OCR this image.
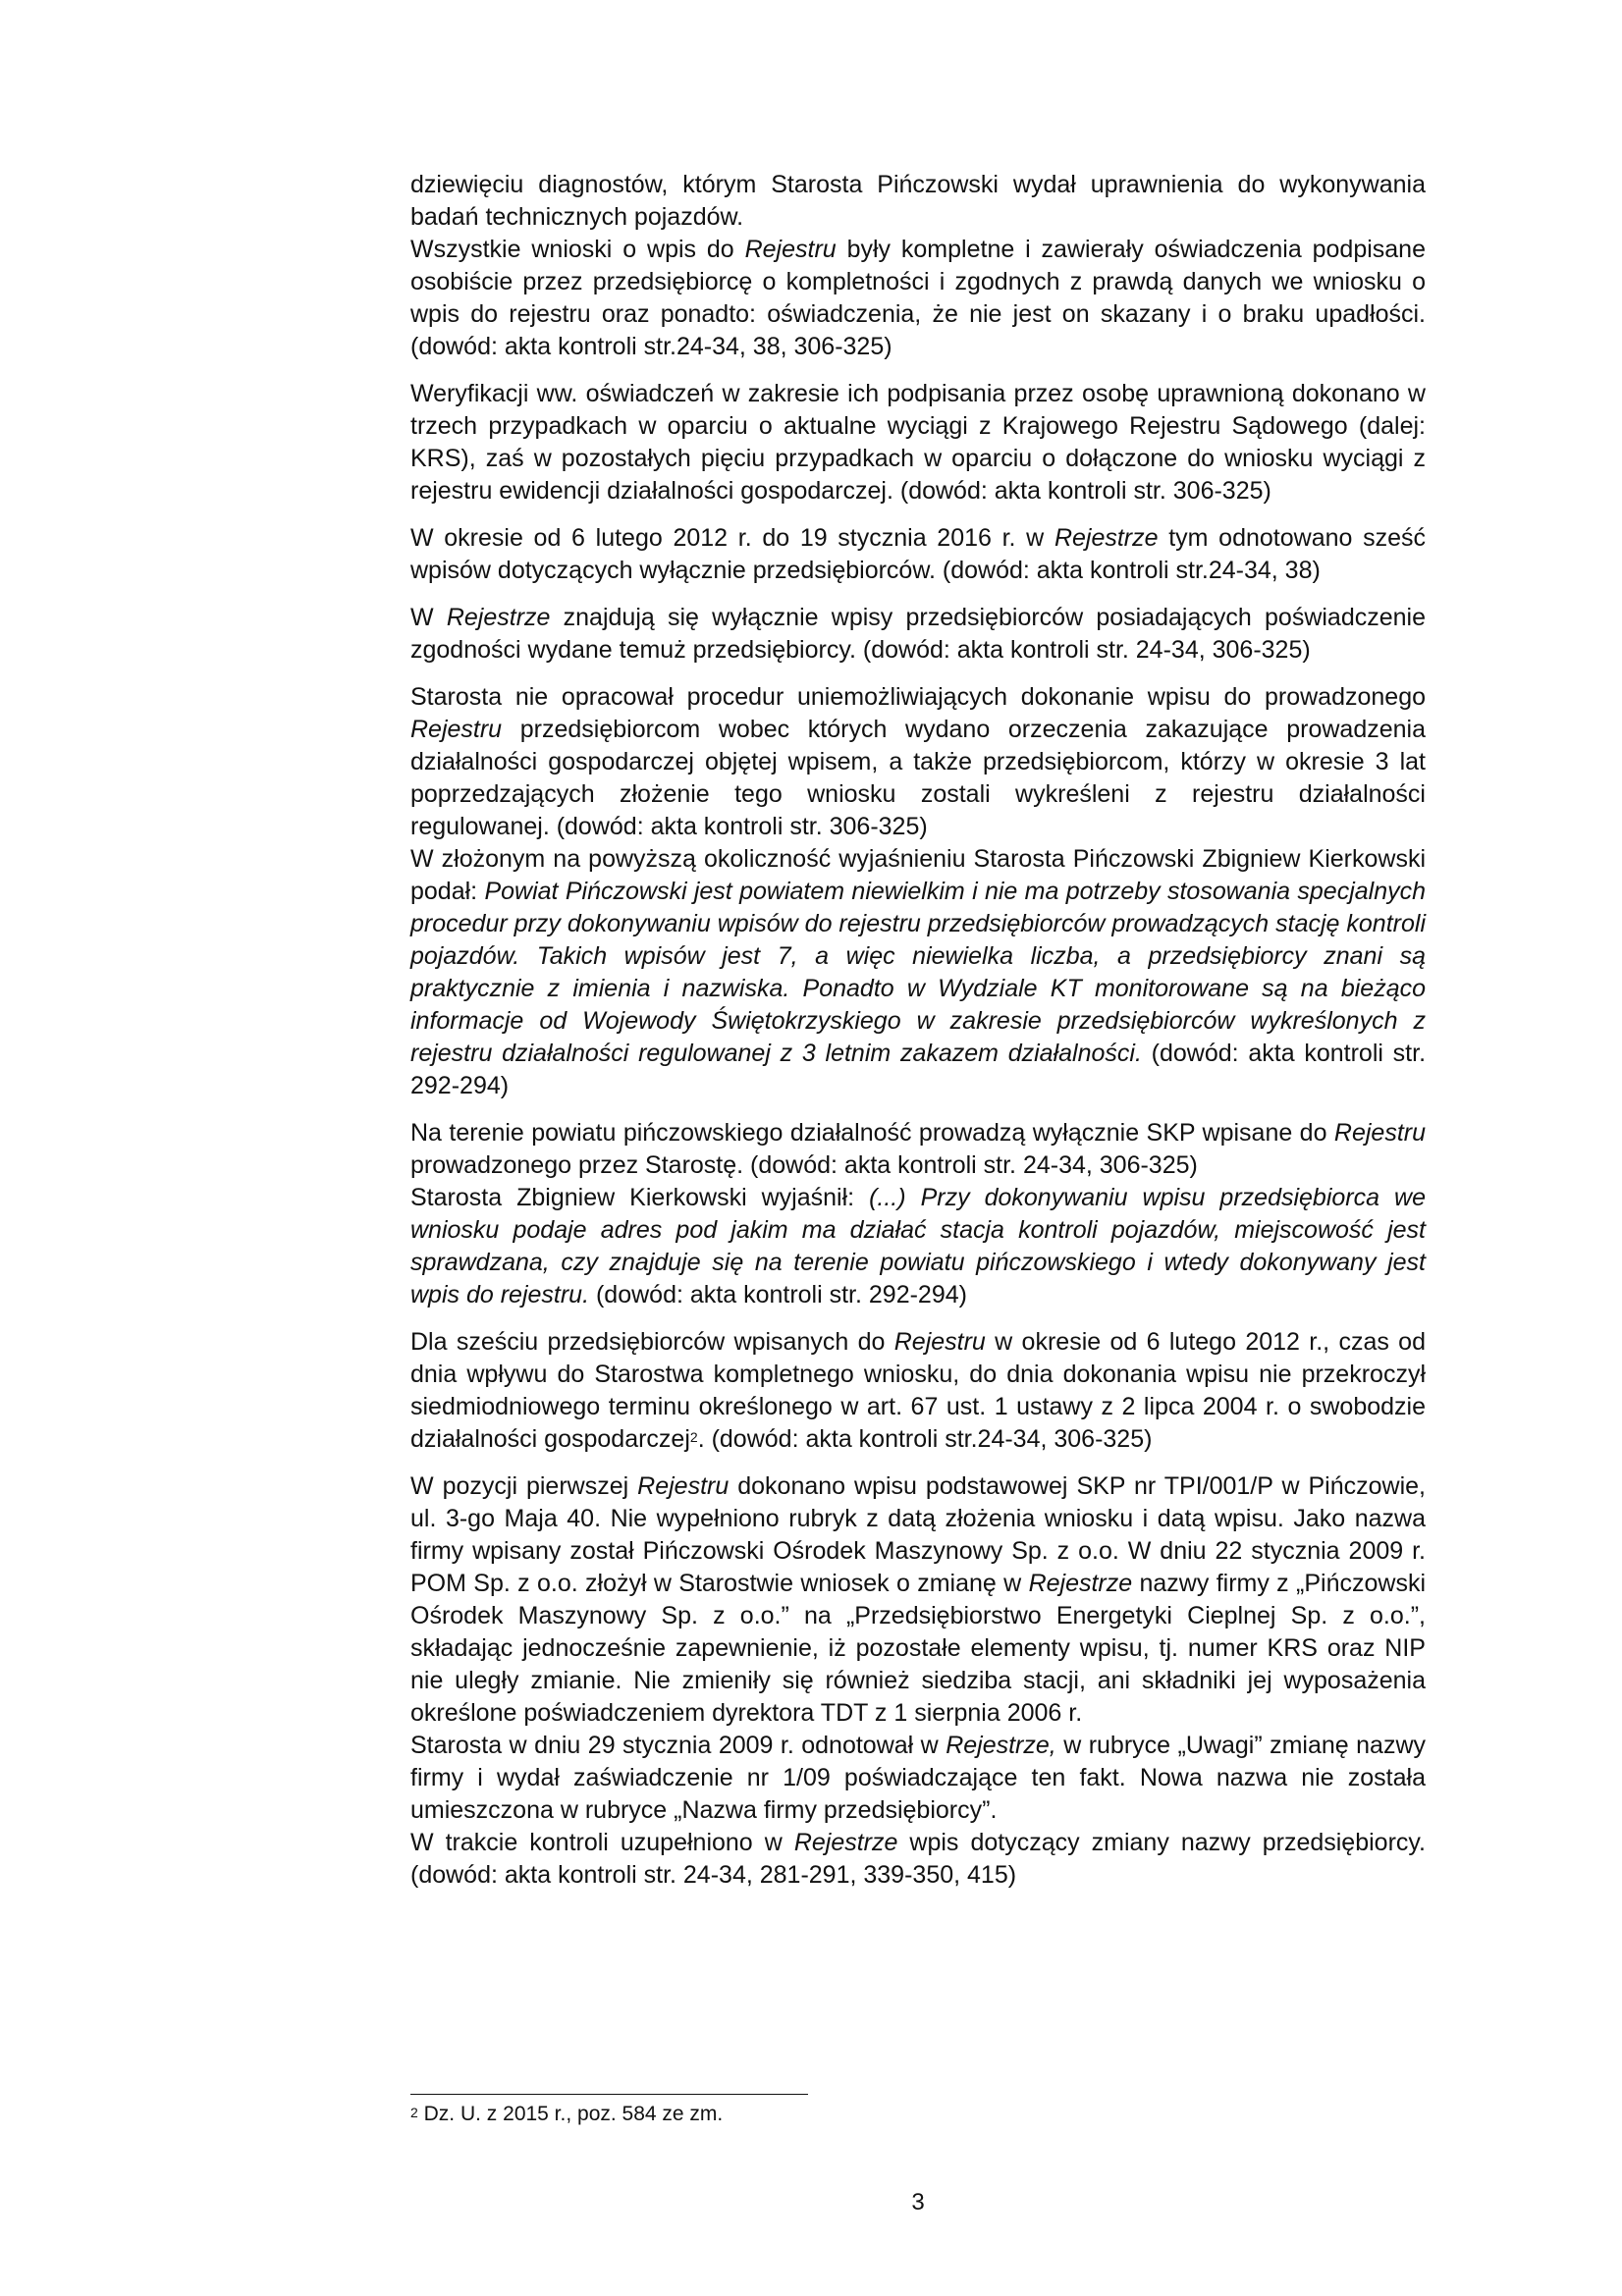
dziewięciu diagnostów, którym Starosta Pińczowski wydał uprawnienia do wykonywania badań technicznych pojazdów.
Wszystkie wnioski o wpis do Rejestru były kompletne i zawierały oświadczenia podpisane osobiście przez przedsiębiorcę o kompletności i zgodnych z prawdą danych we wniosku o wpis do rejestru oraz ponadto: oświadczenia, że nie jest on skazany i o braku upadłości. (dowód: akta kontroli str.24-34, 38, 306-325)

Weryfikacji ww. oświadczeń w zakresie ich podpisania przez osobę uprawnioną dokonano w trzech przypadkach w oparciu o aktualne wyciągi z Krajowego Rejestru Sądowego (dalej: KRS), zaś w pozostałych pięciu przypadkach w oparciu o dołączone do wniosku wyciągi z rejestru ewidencji działalności gospodarczej. (dowód: akta kontroli str. 306-325)

W okresie od 6 lutego 2012 r. do 19 stycznia 2016 r. w Rejestrze tym odnotowano sześć wpisów dotyczących wyłącznie przedsiębiorców. (dowód: akta kontroli str.24-34, 38)

W Rejestrze znajdują się wyłącznie wpisy przedsiębiorców posiadających poświadczenie zgodności wydane temuż przedsiębiorcy. (dowód: akta kontroli str. 24-34, 306-325)

Starosta nie opracował procedur uniemożliwiających dokonanie wpisu do prowadzonego Rejestru przedsiębiorcom wobec których wydano orzeczenia zakazujące prowadzenia działalności gospodarczej objętej wpisem, a także przedsiębiorcom, którzy w okresie 3 lat poprzedzających złożenie tego wniosku zostali wykreśleni z rejestru działalności regulowanej. (dowód: akta kontroli str. 306-325)

W złożonym na powyższą okoliczność wyjaśnieniu Starosta Pińczowski Zbigniew Kierkowski podał: Powiat Pińczowski jest powiatem niewielkim i nie ma potrzeby stosowania specjalnych procedur przy dokonywaniu wpisów do rejestru przedsiębiorców prowadzących stację kontroli pojazdów. Takich wpisów jest 7, a więc niewielka liczba, a przedsiębiorcy znani są praktycznie z imienia i nazwiska. Ponadto w Wydziale KT monitorowane są na bieżąco informacje od Wojewody Świętokrzyskiego w zakresie przedsiębiorców wykreślonych z rejestru działalności regulowanej z 3 letnim zakazem działalności. (dowód: akta kontroli str. 292-294)

Na terenie powiatu pińczowskiego działalność prowadzą wyłącznie SKP wpisane do Rejestru prowadzonego przez Starostę. (dowód: akta kontroli str. 24-34, 306-325)

Starosta Zbigniew Kierkowski wyjaśnił: (...) Przy dokonywaniu wpisu przedsiębiorca we wniosku podaje adres pod jakim ma działać stacja kontroli pojazdów, miejscowość jest sprawdzana, czy znajduje się na terenie powiatu pińczowskiego i wtedy dokonywany jest wpis do rejestru. (dowód: akta kontroli str. 292-294)

Dla sześciu przedsiębiorców wpisanych do Rejestru w okresie od 6 lutego 2012 r., czas od dnia wpływu do Starostwa kompletnego wniosku, do dnia dokonania wpisu nie przekroczył siedmiodniowego terminu określonego w art. 67 ust. 1 ustawy z 2 lipca 2004 r. o swobodzie działalności gospodarczej$^2$. (dowód: akta kontroli str.24-34, 306-325)

W pozycji pierwszej Rejestru dokonano wpisu podstawowej SKP nr TPI/001/P w Pińczowie, ul. 3-go Maja 40. Nie wypełniono rubryk z datą złożenia wniosku i datą wpisu. Jako nazwa firmy wpisany został Pińczowski Ośrodek Maszynowy Sp. z o.o. W dniu 22 stycznia 2009 r. POM Sp. z o.o. złożył w Starostwie wniosek o zmianę w Rejestrze nazwy firmy z „Pińczowski Ośrodek Maszynowy Sp. z o.o.” na „Przedsiębiorstwo Energetyki Cieplnej Sp. z o.o.”, składając jednocześnie zapewnienie, iż pozostałe elementy wpisu, tj. numer KRS oraz NIP nie uległy zmianie. Nie zmieniły się również siedziba stacji, ani składniki jej wyposażenia określone poświadczeniem dyrektora TDT z 1 sierpnia 2006 r.

Starosta w dniu 29 stycznia 2009 r. odnotował w Rejestrze, w rubryce „Uwagi” zmianę nazwy firmy i wydał zaświadczenie nr 1/09 poświadczające ten fakt. Nowa nazwa nie została umieszczona w rubryce „Nazwa firmy przedsiębiorcy”.

W trakcie kontroli uzupełniono w Rejestrze wpis dotyczący zmiany nazwy przedsiębiorcy. (dowód: akta kontroli str. 24-34, 281-291, 339-350, 415)

$^2$ Dz. U. z 2015 r., poz. 584 ze zm.
3
